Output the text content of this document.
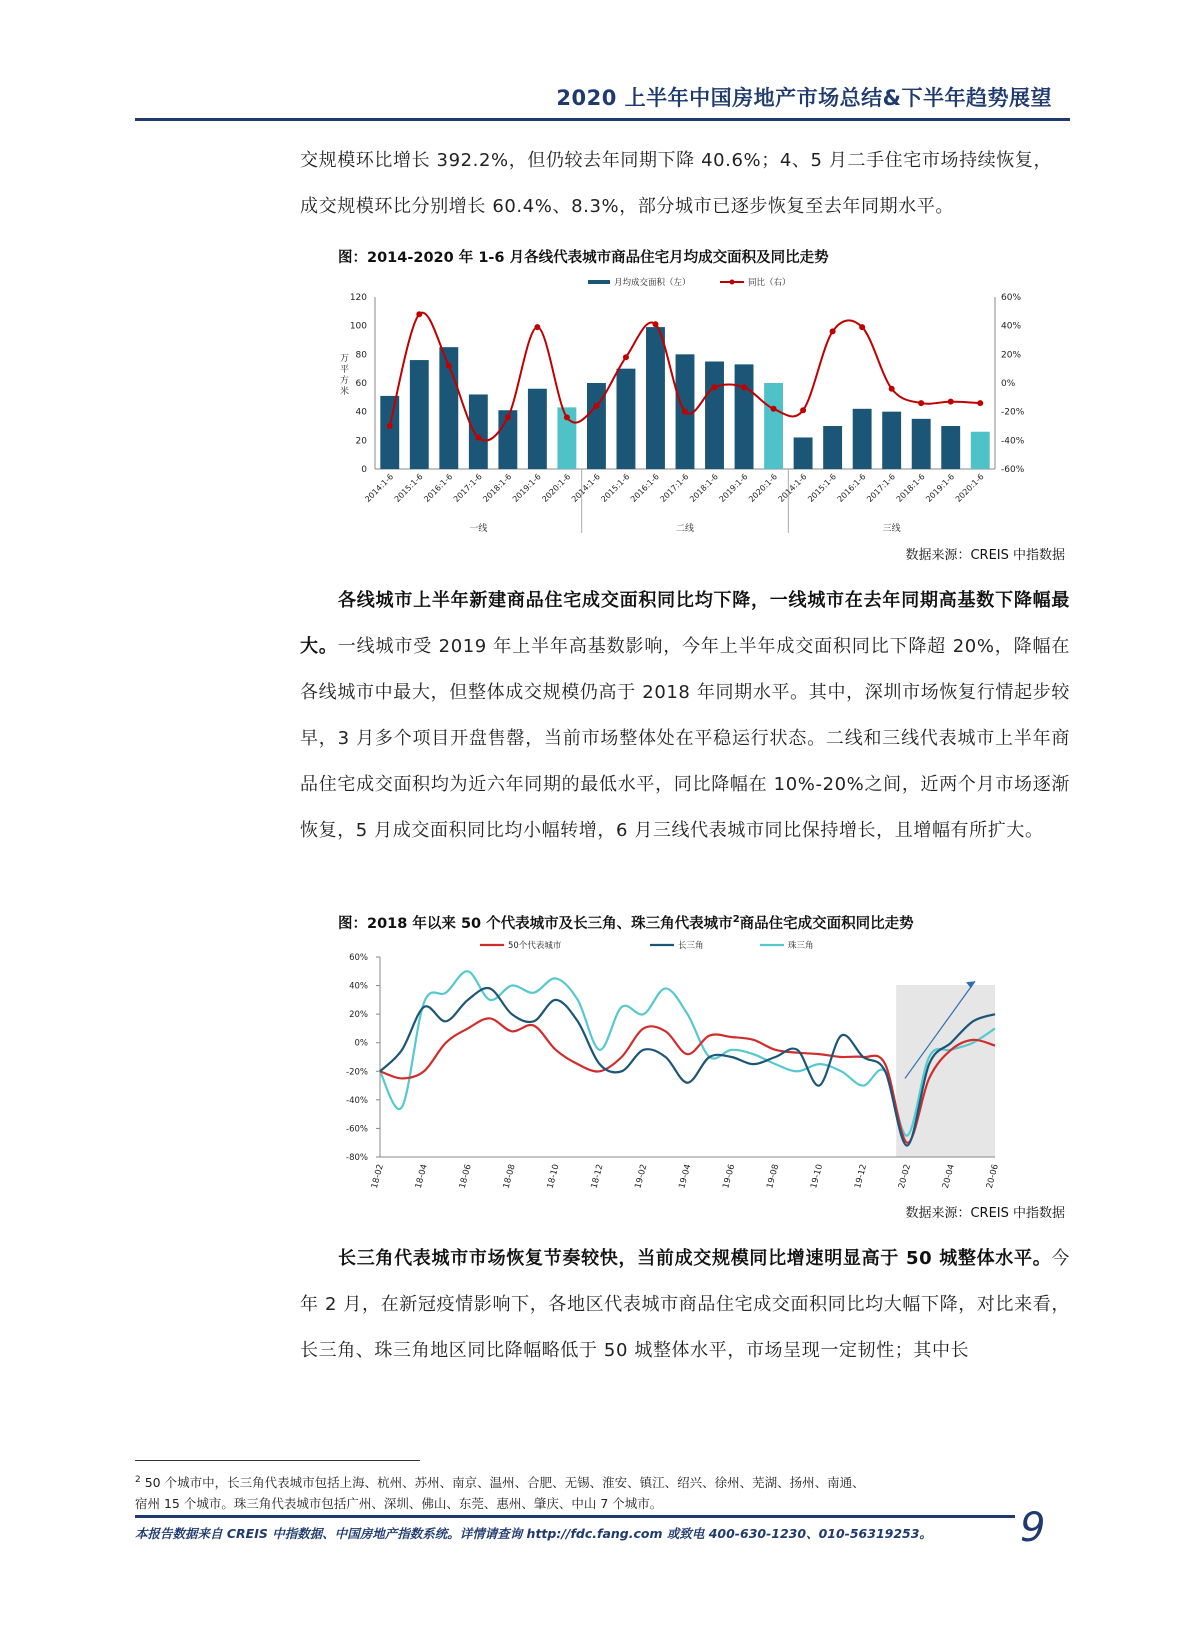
2020 上半年中国房地产市场总结&下半年趋势展望

交规模环比增长 392.2%，但仍较去年同期下降 40.6%；4、5 月二手住宅市场持续恢复，

成交规模环比分别增长 60.4%、8.3%，部分城市已逐步恢复至去年同期水平。

图：2014-2020 年 1-6 月各线代表城市商品住宅月均成交面积及同比走势
月均成交面积（左）	同比（右）
0
20
40
60
80
100
120
-60%
-40%
-20%
0%
20%
40%
60%
万平方米
2014:1-6
2015:1-6
2016:1-6
2017:1-6
2018:1-6
2019:1-6
2020:1-6
2014:1-6
2015:1-6
2016:1-6
2017:1-6
2018:1-6
2019:1-6
2020:1-6
2014:1-6
2015:1-6
2016:1-6
2017:1-6
2018:1-6
2019:1-6
2020:1-6
一线	二线	三线
数据来源：CREIS 中指数据

各线城市上半年新建商品住宅成交面积同比均下降，一线城市在去年同期高基数下降幅最大。一线城市受 2019 年上半年高基数影响，今年上半年成交面积同比下降超 20%，降幅在各线城市中最大，但整体成交规模仍高于 2018 年同期水平。其中，深圳市场恢复行情起步较早，3 月多个项目开盘售罄，当前市场整体处在平稳运行状态。二线和三线代表城市上半年商品住宅成交面积均为近六年同期的最低水平，同比降幅在 10%-20%之间，近两个月市场逐渐恢复，5 月成交面积同比均小幅转增，6 月三线代表城市同比保持增长，且增幅有所扩大。

图：2018 年以来 50 个代表城市及长三角、珠三角代表城市$^2$商品住宅成交面积同比走势
50个代表城市	长三角	珠三角
-80%
-60%
-40%
-20%
0%
20%
40%
60%
18-02	18-04	18-06	18-08	18-10	18-12	19-02	19-04	19-06	19-08	19-10	19-12	20-02	20-04	20-06
数据来源：CREIS 中指数据

长三角代表城市市场恢复节奏较快，当前成交规模同比增速明显高于 50 城整体水平。今年 2 月，在新冠疫情影响下，各地区代表城市商品住宅成交面积同比均大幅下降，对比来看，长三角、珠三角地区同比降幅略低于 50 城整体水平，市场呈现一定韧性；其中长

$^2$ 50 个城市中，长三角代表城市包括上海、杭州、苏州、南京、温州、合肥、无锡、淮安、镇江、绍兴、徐州、芜湖、扬州、南通、
宿州 15 个城市。珠三角代表城市包括广州、深圳、佛山、东莞、惠州、肇庆、中山 7 个城市。
本报告数据来自 CREIS 中指数据、中国房地产指数系统。详情请查询 http://fdc.fang.com 或致电 400-630-1230、010-56319253。 9
